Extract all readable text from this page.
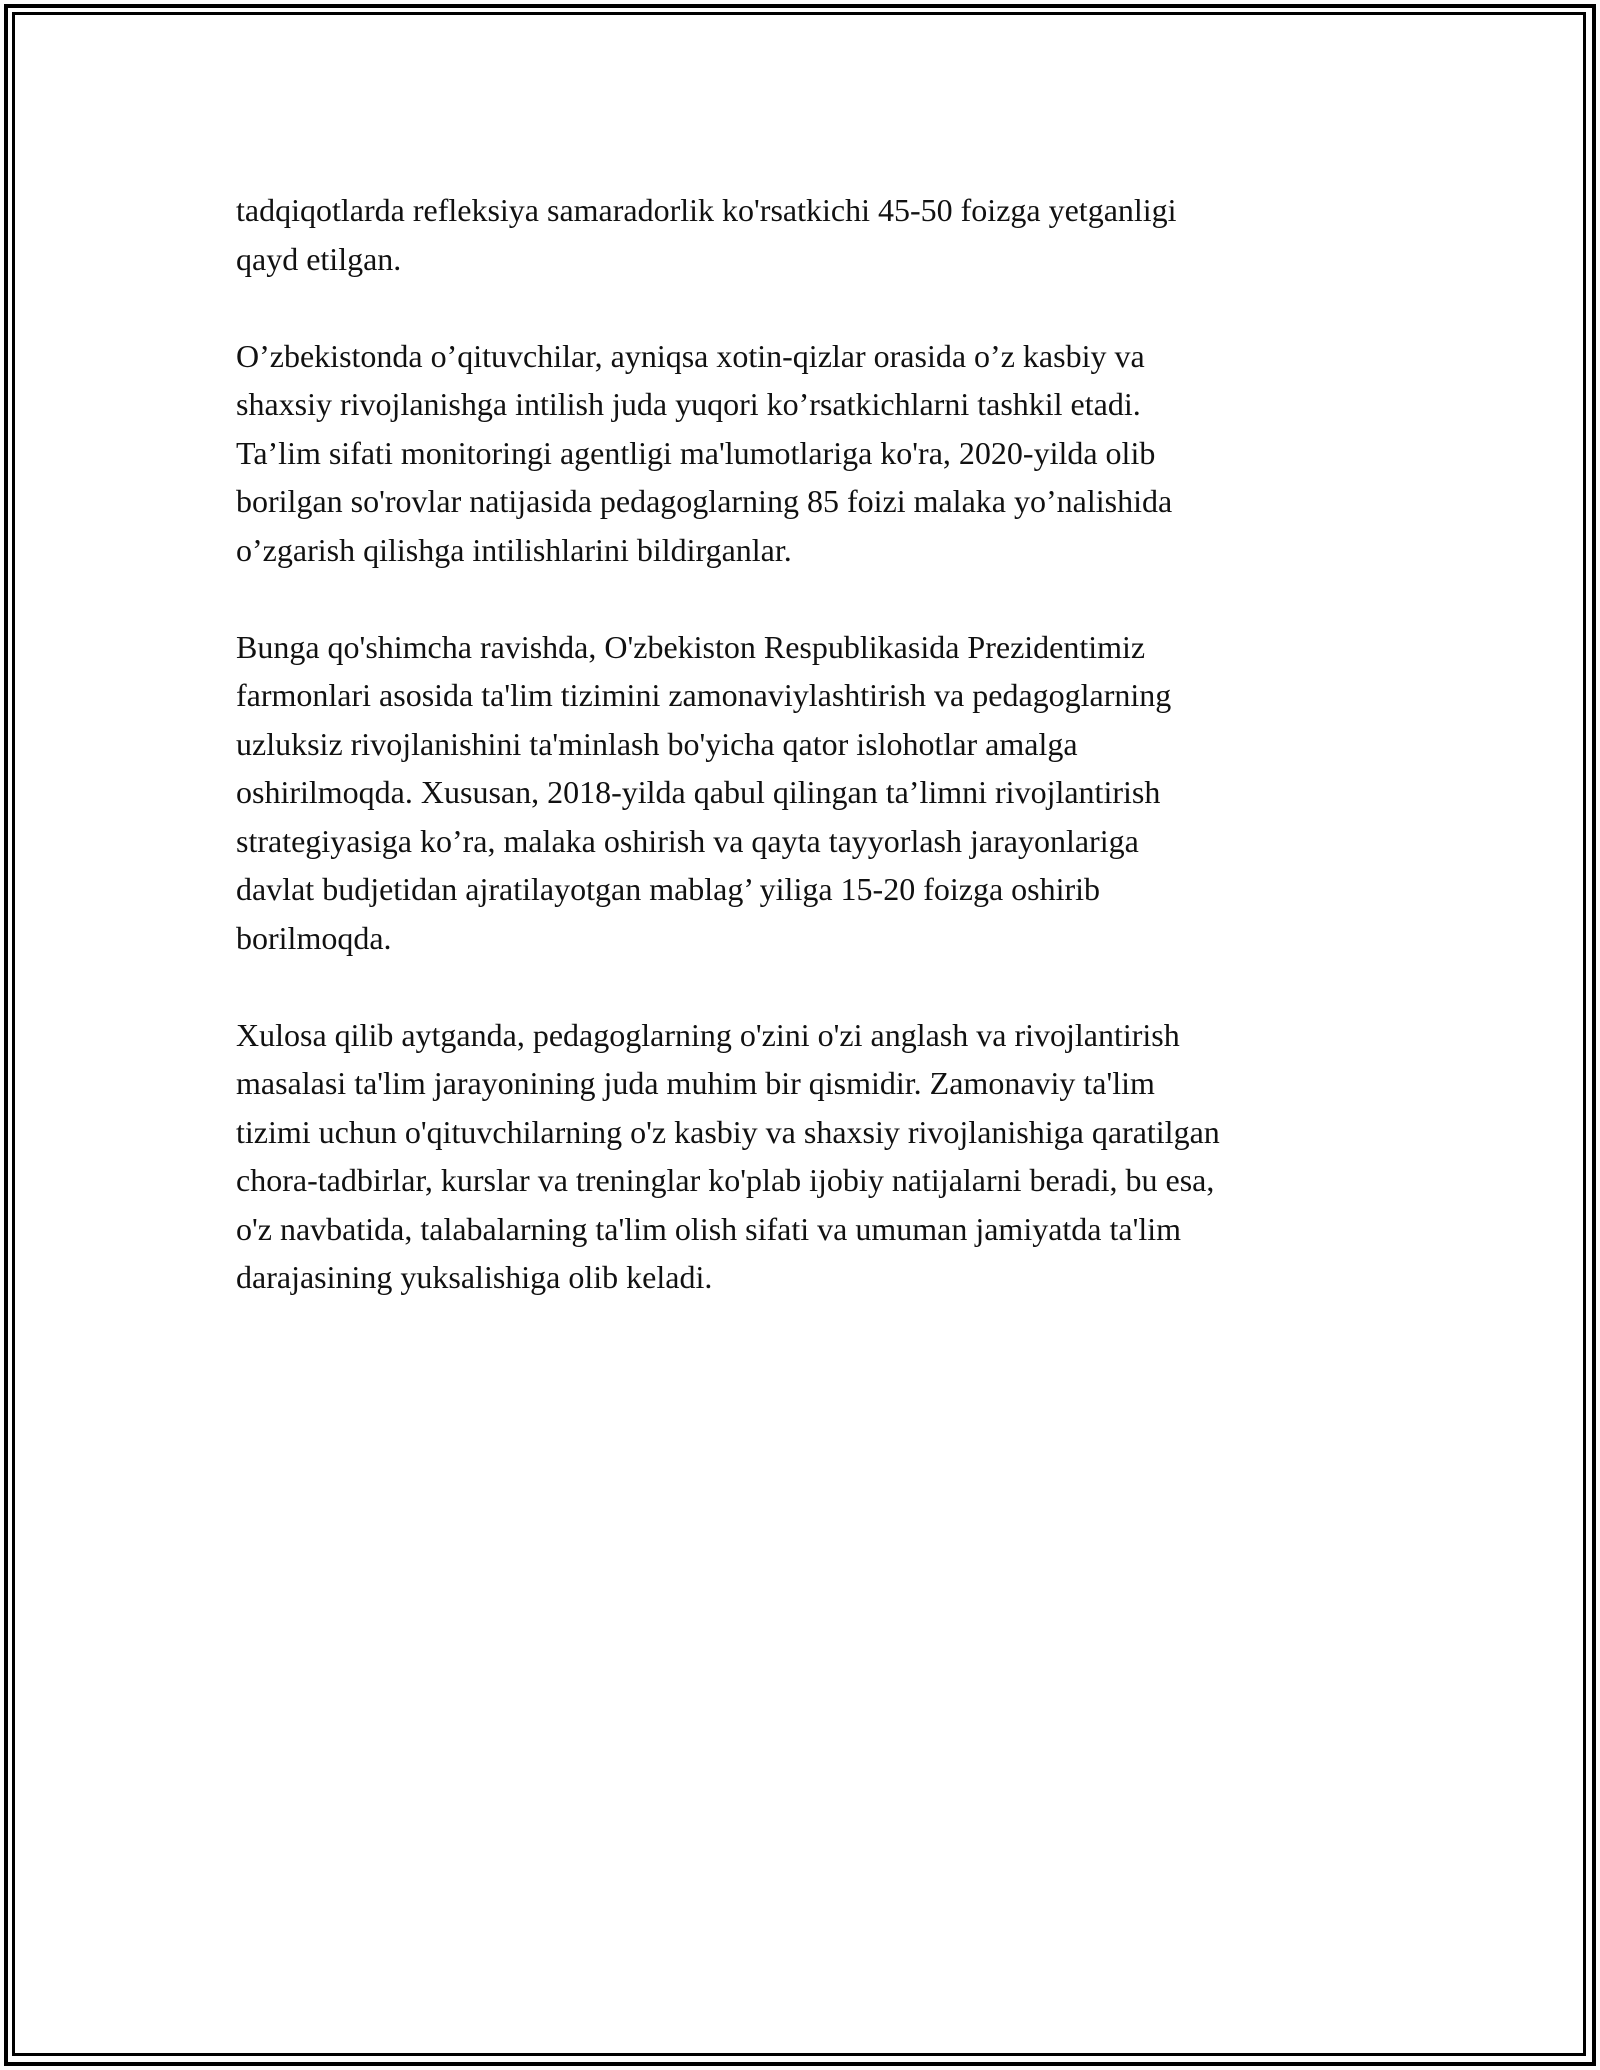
tadqiqotlarda refleksiya samaradorlik ko'rsatkichi 45-50 foizga yetganligi
qayd etilgan.

O’zbekistonda o’qituvchilar, ayniqsa xotin-qizlar orasida o’z kasbiy va
shaxsiy rivojlanishga intilish juda yuqori ko’rsatkichlarni tashkil etadi.
Ta’lim sifati monitoringi agentligi ma'lumotlariga ko'ra, 2020-yilda olib
borilgan so'rovlar natijasida pedagoglarning 85 foizi malaka yo’nalishida
o’zgarish qilishga intilishlarini bildirganlar.

Bunga qo'shimcha ravishda, O'zbekiston Respublikasida Prezidentimiz
farmonlari asosida ta'lim tizimini zamonaviylashtirish va pedagoglarning
uzluksiz rivojlanishini ta'minlash bo'yicha qator islohotlar amalga
oshirilmoqda. Xususan, 2018-yilda qabul qilingan ta’limni rivojlantirish
strategiyasiga ko’ra, malaka oshirish va qayta tayyorlash jarayonlariga
davlat budjetidan ajratilayotgan mablag’ yiliga 15-20 foizga oshirib
borilmoqda.

Xulosa qilib aytganda, pedagoglarning o'zini o'zi anglash va rivojlantirish
masalasi ta'lim jarayonining juda muhim bir qismidir. Zamonaviy ta'lim
tizimi uchun o'qituvchilarning o'z kasbiy va shaxsiy rivojlanishiga qaratilgan
chora-tadbirlar, kurslar va treninglar ko'plab ijobiy natijalarni beradi, bu esa,
o'z navbatida, talabalarning ta'lim olish sifati va umuman jamiyatda ta'lim
darajasining yuksalishiga olib keladi.
